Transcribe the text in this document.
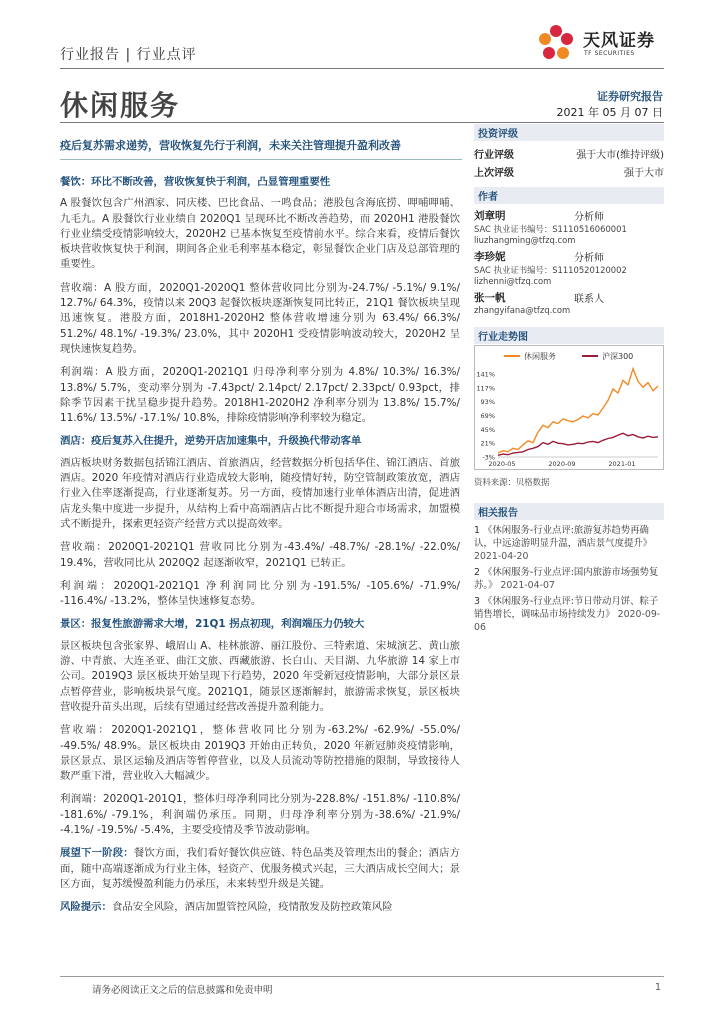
行业报告 | 行业点评
天风证券
TF SECURITIES
休闲服务	证券研究报告
2021 年 05 月 07 日
疫后复苏需求递势，营收恢复先行于利润，未来关注管理提升盈利改善

餐饮：环比不断改善，营收恢复快于利润，凸显管理重要性

A 股餐饮包含广州酒家、同庆楼、巴比食品、一鸣食品；港股包含海底捞、呷哺呷哺、九毛九。A 股餐饮行业业绩自 2020Q1 呈现环比不断改善趋势，而 2020H1 港股餐饮行业业绩受疫情影响较大，2020H2 已基本恢复至疫情前水平。综合来看，疫情后餐饮板块营收恢复快于利润，期间各企业毛利率基本稳定，彰显餐饮企业门店及总部管理的重要性。

营收端：A 股方面，2020Q1-2020Q1 整体营收同比分别为-24.7%/ -5.1%/ 9.1%/ 12.7%/ 64.3%，疫情以来 20Q3 起餐饮板块逐渐恢复同比转正，21Q1 餐饮板块呈现迅速恢复。港股方面，2018H1-2020H2 整体营收增速分别为 63.4%/ 66.3%/ 51.2%/ 48.1%/ -19.3%/ 23.0%，其中 2020H1 受疫情影响波动较大，2020H2 呈现快速恢复趋势。

利润端：A 股方面，2020Q1-2021Q1 归母净利率分别为 4.8%/ 10.3%/ 16.3%/ 13.8%/ 5.7%，变动率分别为 -7.43pct/ 2.14pct/ 2.17pct/ 2.33pct/ 0.93pct，排除季节因素干扰呈稳步提升趋势。2018H1-2020H2 净利率分别为 13.8%/ 15.7%/ 11.6%/ 13.5%/ -17.1%/ 10.8%，排除疫情影响净利率较为稳定。

酒店：疫后复苏入住提升，逆势开店加速集中，升级换代带动客单

酒店板块财务数据包括锦江酒店、首旅酒店，经营数据分析包括华住、锦江酒店、首旅酒店。2020 年疫情对酒店行业造成较大影响，随疫情好转，防空管制政策放宽，酒店行业入住率逐渐提高，行业逐渐复苏。另一方面，疫情加速行业单体酒店出清，促进酒店龙头集中度进一步提升，从结构上看中高端酒店占比不断提升迎合市场需求，加盟模式不断提升，探索更轻资产经营方式以提高效率。

营收端：2020Q1-2021Q1 营收同比分别为-43.4%/ -48.7%/ -28.1%/ -22.0%/ 19.4%，营收同比从 2020Q2 起逐渐收窄，2021Q1 已转正。

利润端：2020Q1-2021Q1 净利润同比分别为-191.5%/ -105.6%/ -71.9%/ -116.4%/ -13.2%，整体呈快速修复态势。

景区：报复性旅游需求大增，21Q1 拐点初现，利润端压力仍较大

景区板块包含张家界、峨眉山 A、桂林旅游、丽江股份、三特索道、宋城演艺、黄山旅游、中青旅、大连圣亚、曲江文旅、西藏旅游、长白山、天目湖、九华旅游 14 家上市公司。2019Q3 景区板块开始呈现下行趋势，2020 年受新冠疫情影响，大部分景区景点暂停营业，影响板块景气度。2021Q1，随景区逐渐解封，旅游需求恢复，景区板块营收提升苗头出现，后续有望通过经营改善提升盈利能力。

营收端：2020Q1-2021Q1，整体营收同比分别为-63.2%/ -62.9%/ -55.0%/ -49.5%/ 48.9%。景区板块由 2019Q3 开始由正转负，2020 年新冠肺炎疫情影响，景区景点、景区运输及酒店等暂停营业，以及人员流动等防控措施的限制，导致接待人数严重下滑，营业收入大幅减少。

利润端：2020Q1-201Q1，整体归母净利同比分别为-228.8%/ -151.8%/ -110.8%/ -181.6%/ -79.1%，利润端仍承压。同期，归母净利率分别为-38.6%/ -21.9%/ -4.1%/ -19.5%/ -5.4%，主要受疫情及季节波动影响。

展望下一阶段：餐饮方面，我们看好餐饮供应链、特色品类及管理杰出的餐企；酒店方面，随中高端逐渐成为行业主体，轻资产、优服务模式兴起，三大酒店成长空间大；景区方面，复苏缓慢盈利能力仍承压，未来转型升级是关键。

风险提示：食品安全风险，酒店加盟管控风险，疫情散发及防控政策风险

投资评级
行业评级	强于大市(维持评级)
上次评级	强于大市
作者
刘章明	分析师
SAC 执业证书编号：S1110516060001
liuzhangming@tfzq.com
李珍妮	分析师
SAC 执业证书编号：S1110520120002
lizhenni@tfzq.com
张一帆	联系人
zhangyifana@tfzq.com
行业走势图
休闲服务	沪深300
141%
117%
93%
69%
45%
21%
-3%
2020-05	2020-09	2021-01
资料来源：贝格数据
相关报告
1 《休闲服务-行业点评:旅游复苏趋势再确认，中远途游明显升温，酒店景气度提升》 2021-04-20
2 《休闲服务-行业点评:国内旅游市场强势复苏。》 2021-04-07
3 《休闲服务-行业点评:节日带动月饼、粽子销售增长，调味品市场持续发力》 2020-09-06
请务必阅读正文之后的信息披露和免责申明	1
